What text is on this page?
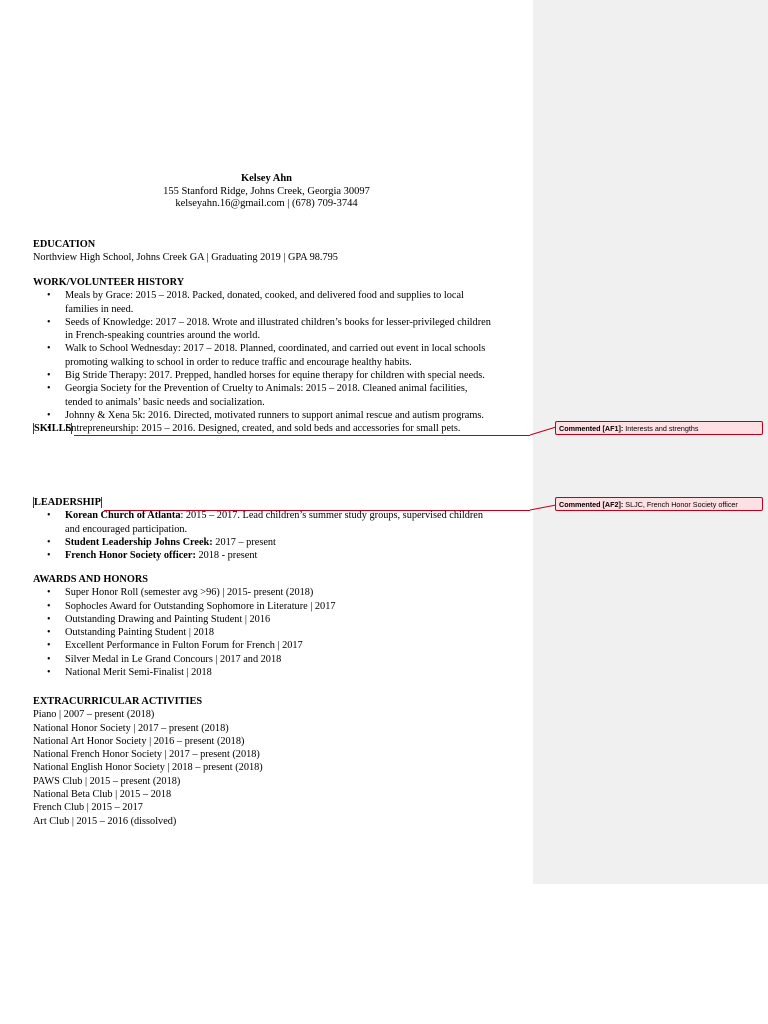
Kelsey Ahn
155 Stanford Ridge, Johns Creek, Georgia 30097
kelseyahn.16@gmail.com | (678) 709-3744
EDUCATION
Northview High School, Johns Creek GA | Graduating 2019 | GPA 98.795
WORK/VOLUNTEER HISTORY
• Meals by Grace: 2015 – 2018. Packed, donated, cooked, and delivered food and supplies to local
families in need.
• Seeds of Knowledge: 2017 – 2018. Wrote and illustrated children’s books for lesser-privileged children
in French-speaking countries around the world.
• Walk to School Wednesday: 2017 – 2018. Planned, coordinated, and carried out event in local schools
promoting walking to school in order to reduce traffic and encourage healthy habits.
• Big Stride Therapy: 2017. Prepped, handled horses for equine therapy for children with special needs.
• Georgia Society for the Prevention of Cruelty to Animals: 2015 – 2018. Cleaned animal facilities,
tended to animals’ basic needs and socialization.
• Johnny & Xena 5k: 2016. Directed, motivated runners to support animal rescue and autism programs.
• Entrepreneurship: 2015 – 2016. Designed, created, and sold beds and accessories for small pets.
SKILLS
LEADERSHIP
• Korean Church of Atlanta: 2015 – 2017. Lead children’s summer study groups, supervised children
and encouraged participation.
• Student Leadership Johns Creek: 2017 – present
• French Honor Society officer: 2018 - present
AWARDS AND HONORS
• Super Honor Roll (semester avg >96) | 2015- present (2018)
• Sophocles Award for Outstanding Sophomore in Literature | 2017
• Outstanding Drawing and Painting Student | 2016
• Outstanding Painting Student | 2018
• Excellent Performance in Fulton Forum for French | 2017
• Silver Medal in Le Grand Concours | 2017 and 2018
• National Merit Semi-Finalist | 2018
EXTRACURRICULAR ACTIVITIES
Piano | 2007 – present (2018)
National Honor Society | 2017 – present (2018)
National Art Honor Society | 2016 – present (2018)
National French Honor Society | 2017 – present (2018)
National English Honor Society | 2018 – present (2018)
PAWS Club | 2015 – present (2018)
National Beta Club | 2015 – 2018
French Club | 2015 – 2017
Art Club | 2015 – 2016 (dissolved)
Commented [AF1]: Interests and strengths
Commented [AF2]: SLJC, French Honor Society officer
